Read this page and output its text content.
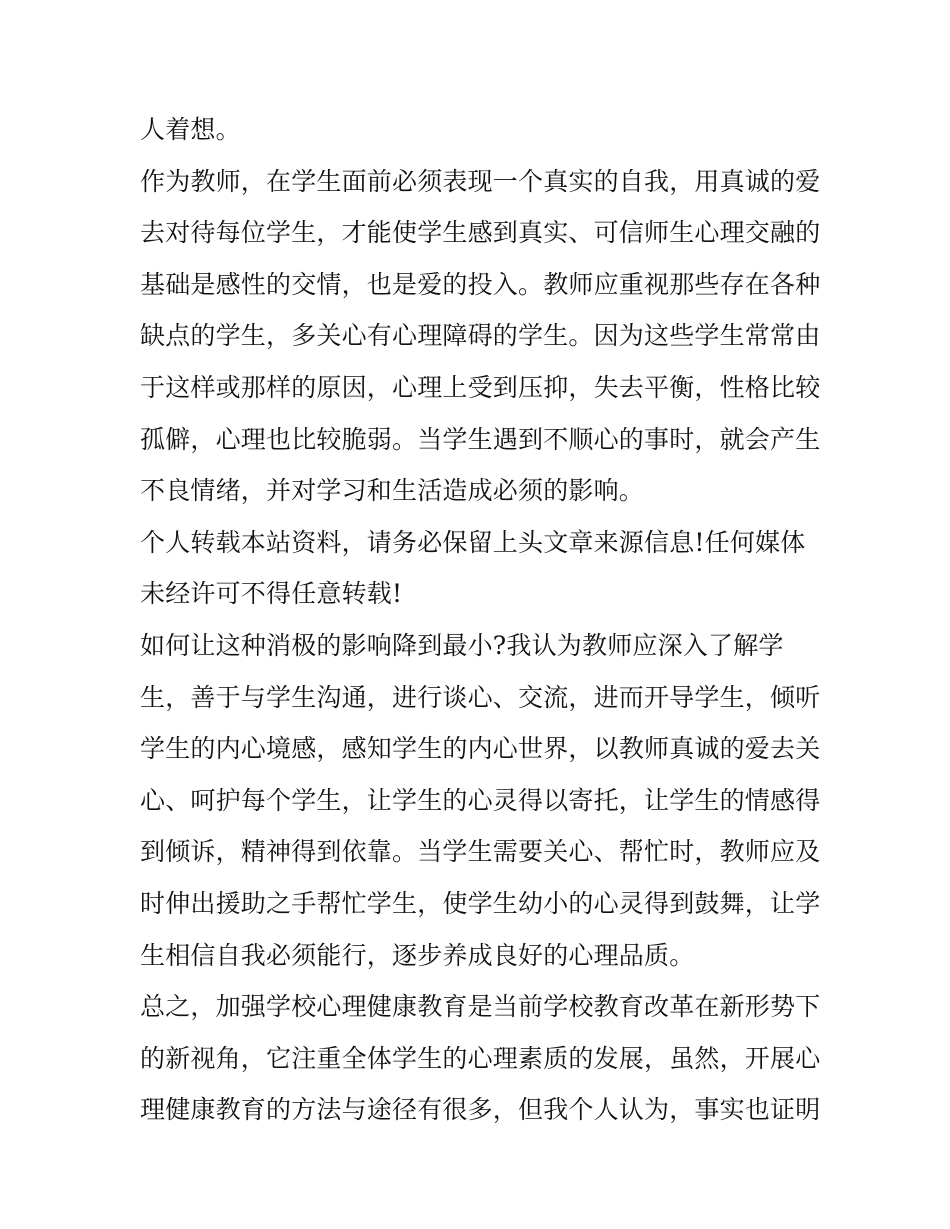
人着想。
作为教师，在学生面前必须表现一个真实的自我，用真诚的爱
去对待每位学生，才能使学生感到真实、可信师生心理交融的
基础是感性的交情，也是爱的投入。教师应重视那些存在各种
缺点的学生，多关心有心理障碍的学生。因为这些学生常常由
于这样或那样的原因，心理上受到压抑，失去平衡，性格比较
孤僻，心理也比较脆弱。当学生遇到不顺心的事时，就会产生
不良情绪，并对学习和生活造成必须的影响。
个人转载本站资料，请务必保留上头文章来源信息!任何媒体
未经许可不得任意转载!
如何让这种消极的影响降到最小?我认为教师应深入了解学
生，善于与学生沟通，进行谈心、交流，进而开导学生，倾听
学生的内心境感，感知学生的内心世界，以教师真诚的爱去关
心、呵护每个学生，让学生的心灵得以寄托，让学生的情感得
到倾诉，精神得到依靠。当学生需要关心、帮忙时，教师应及
时伸出援助之手帮忙学生，使学生幼小的心灵得到鼓舞，让学
生相信自我必须能行，逐步养成良好的心理品质。
总之，加强学校心理健康教育是当前学校教育改革在新形势下
的新视角，它注重全体学生的心理素质的发展，虽然，开展心
理健康教育的方法与途径有很多，但我个人认为，事实也证明
